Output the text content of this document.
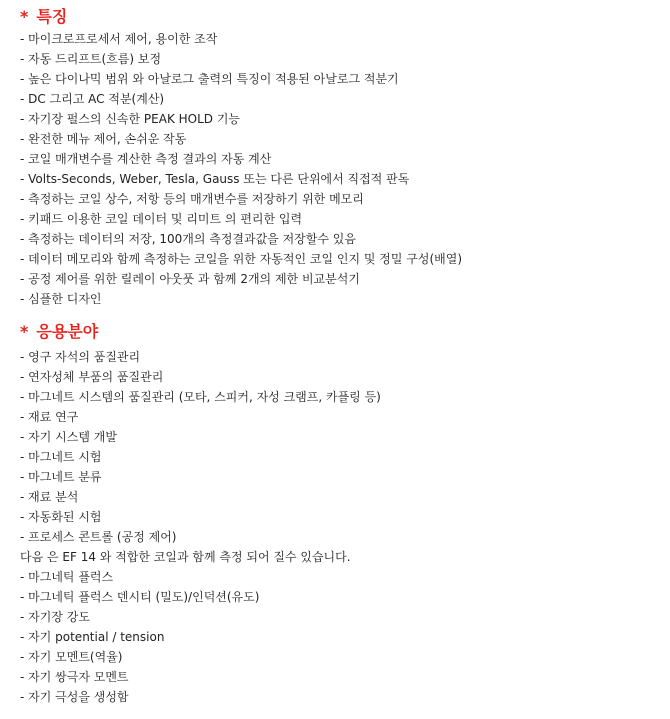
* 특징
- 마이크로프로세서 제어, 용이한 조작
- 자동 드리프트(흐름) 보정
- 높은 다이나믹 범위 와 아날로그 출력의 특징이 적용된 아날로그 적분기
- DC 그리고 AC 적분(계산)
- 자기장 펄스의 신속한 PEAK HOLD 기능
- 완전한 메뉴 제어, 손쉬운 작동
- 코일 매개변수를 계산한 측정 결과의 자동 계산
- Volts-Seconds, Weber, Tesla, Gauss 또는 다른 단위에서 직접적 판독
- 측정하는 코일 상수, 저항 등의 매개변수를 저장하기 위한 메모리
- 키패드 이용한 코일 데이터 및 리미트 의 편리한 입력
- 측정하는 데이터의 저장, 100개의 측정결과값을 저장할수 있음
- 데이터 메모리와 함께 측정하는 코일을 위한 자동적인 코일 인지 및 정밀 구성(배열)
- 공정 제어를 위한 릴레이 아웃풋 과 함께 2개의 제한 비교분석기
- 심플한 디자인
* 응용분야
- 영구 자석의 품질관리
- 연자성체 부품의 품질관리
- 마그네트 시스템의 품질관리 (모타, 스피커, 자성 크램프, 카플링 등)
- 재료 연구
- 자기 시스템 개발
- 마그네트 시험
- 마그네트 분류
- 재료 분석
- 자동화된 시험
- 프로세스 콘트롤 (공정 제어)
다음 은 EF 14 와 적합한 코일과 함께 측정 되어 질수 있습니다.
- 마그네틱 플럭스
- 마그네틱 플럭스 덴시티 (밀도)/인덕션(유도)
- 자기장 강도
- 자기 potential / tension
- 자기 모멘트(역율)
- 자기 쌍극자 모멘트
- 자기 극성을 생성함
